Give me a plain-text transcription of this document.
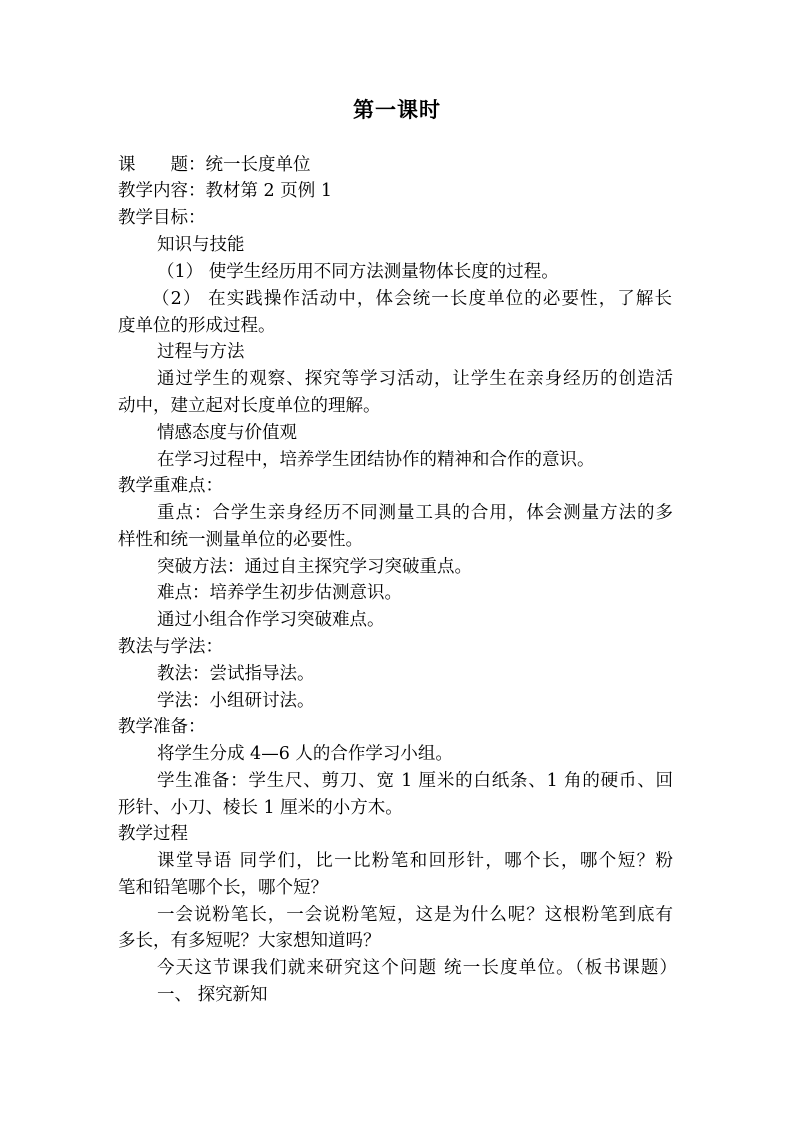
第一课时
课　　题：统一长度单位
教学内容：教材第 2 页例 1
教学目标：
知识与技能
（1） 使学生经历用不同方法测量物体长度的过程。
（2） 在实践操作活动中，体会统一长度单位的必要性，了解长
度单位的形成过程。
过程与方法
通过学生的观察、探究等学习活动，让学生在亲身经历的创造活
动中，建立起对长度单位的理解。
情感态度与价值观
在学习过程中，培养学生团结协作的精神和合作的意识。
教学重难点：
重点：合学生亲身经历不同测量工具的合用，体会测量方法的多
样性和统一测量单位的必要性。
突破方法：通过自主探究学习突破重点。
难点：培养学生初步估测意识。
通过小组合作学习突破难点。
教法与学法：
教法：尝试指导法。
学法：小组研讨法。
教学准备：
将学生分成 4—6 人的合作学习小组。
学生准备：学生尺、剪刀、宽 1 厘米的白纸条、1 角的硬币、回
形针、小刀、棱长 1 厘米的小方木。
教学过程
课堂导语 同学们，比一比粉笔和回形针，哪个长，哪个短？粉
笔和铅笔哪个长，哪个短？
一会说粉笔长，一会说粉笔短，这是为什么呢？这根粉笔到底有
多长，有多短呢？大家想知道吗？
今天这节课我们就来研究这个问题 统一长度单位。（板书课题）
一、 探究新知
